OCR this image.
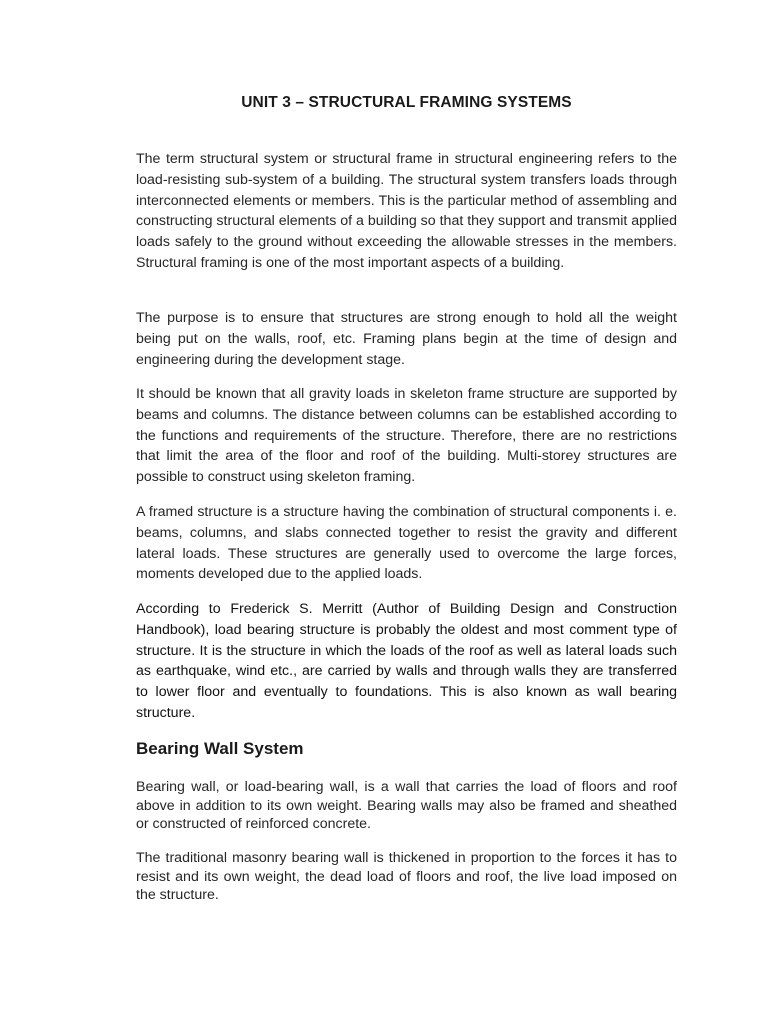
UNIT 3 – STRUCTURAL FRAMING SYSTEMS

The term structural system or structural frame in structural engineering refers to the load-resisting sub-system of a building. The structural system transfers loads through interconnected elements or members. This is the particular method of assembling and constructing structural elements of a building so that they support and transmit applied loads safely to the ground without exceeding the allowable stresses in the members. Structural framing is one of the most important aspects of a building.

The purpose is to ensure that structures are strong enough to hold all the weight being put on the walls, roof, etc. Framing plans begin at the time of design and engineering during the development stage.

It should be known that all gravity loads in skeleton frame structure are supported by beams and columns. The distance between columns can be established according to the functions and requirements of the structure. Therefore, there are no restrictions that limit the area of the floor and roof of the building. Multi-storey structures are possible to construct using skeleton framing.

A framed structure is a structure having the combination of structural components i. e. beams, columns, and slabs connected together to resist the gravity and different lateral loads. These structures are generally used to overcome the large forces, moments developed due to the applied loads.

According to Frederick S. Merritt (Author of Building Design and Construction Handbook), load bearing structure is probably the oldest and most comment type of structure. It is the structure in which the loads of the roof as well as lateral loads such as earthquake, wind etc., are carried by walls and through walls they are transferred to lower floor and eventually to foundations. This is also known as wall bearing structure.

Bearing Wall System

Bearing wall, or load-bearing wall, is a wall that carries the load of floors and roof above in addition to its own weight. Bearing walls may also be framed and sheathed or constructed of reinforced concrete.

The traditional masonry bearing wall is thickened in proportion to the forces it has to resist and its own weight, the dead load of floors and roof, the live load imposed on the structure.
